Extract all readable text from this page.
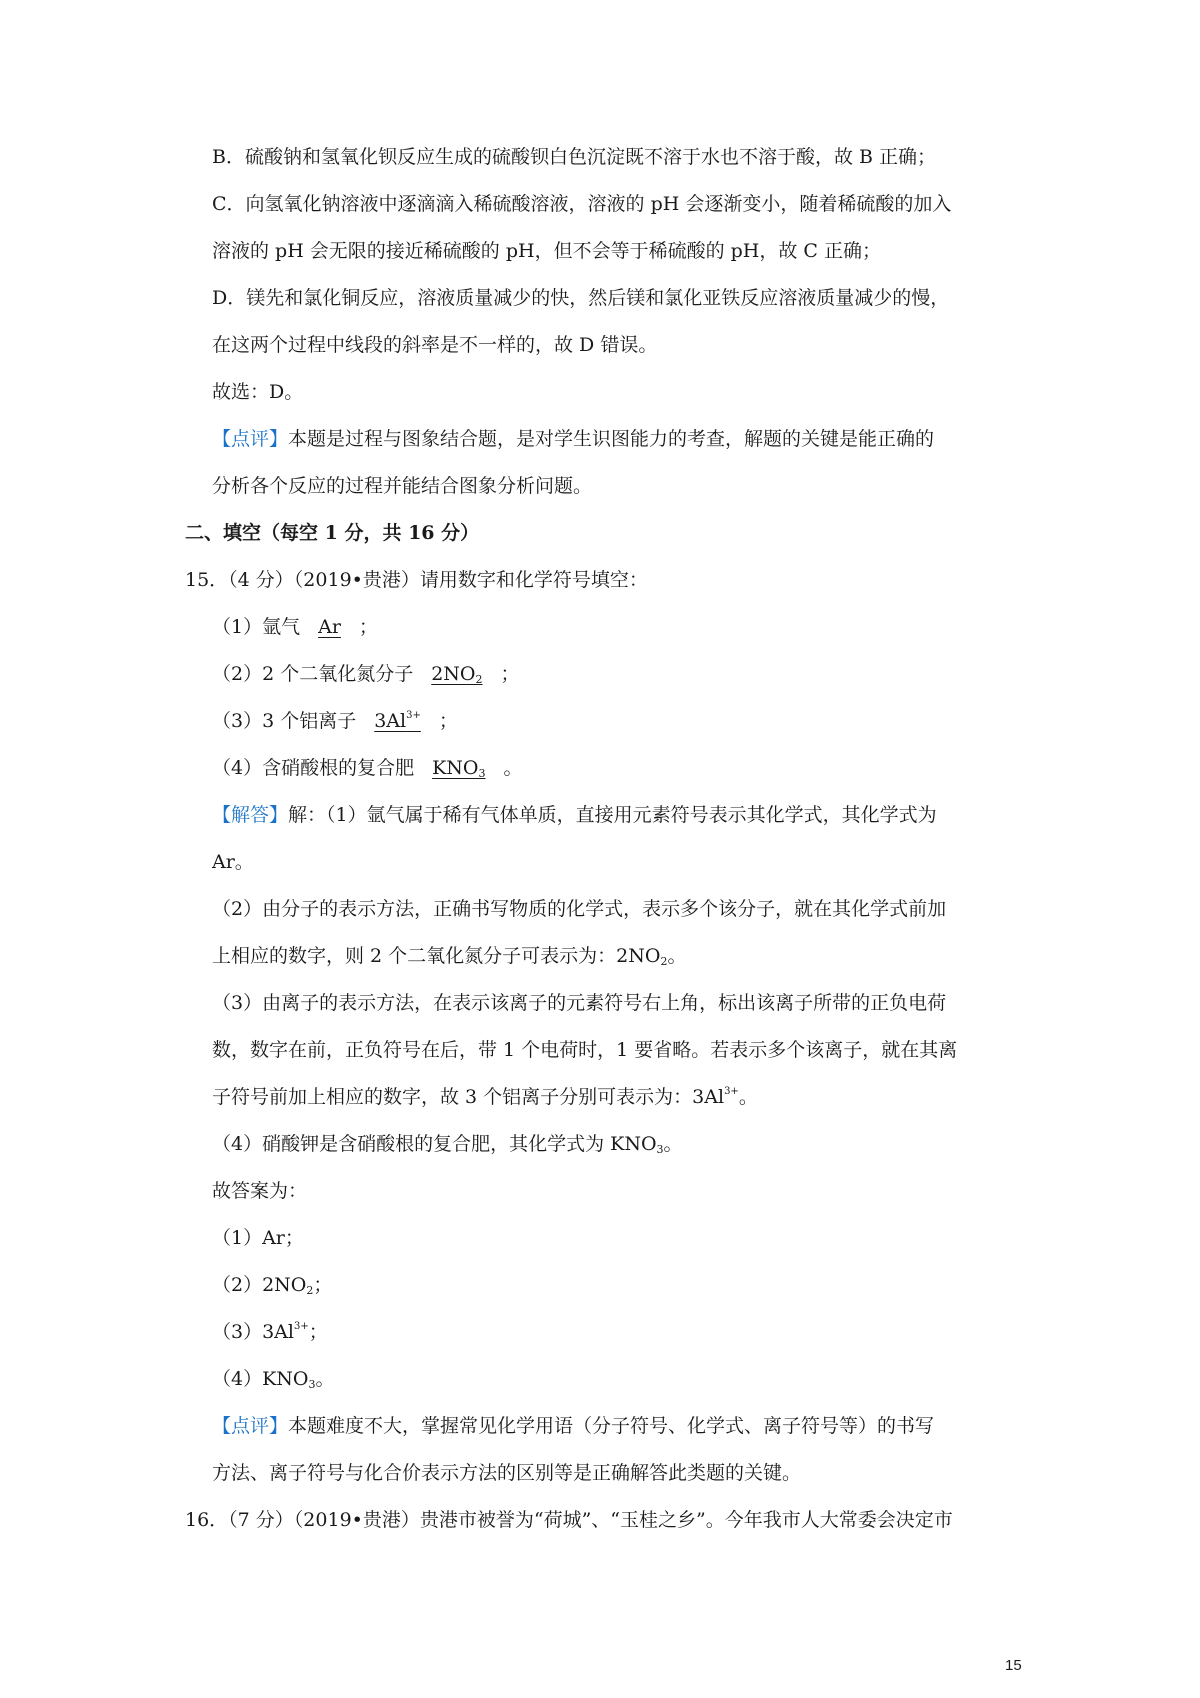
B．硫酸钠和氢氧化钡反应生成的硫酸钡白色沉淀既不溶于水也不溶于酸，故 B 正确；
C．向氢氧化钠溶液中逐滴滴入稀硫酸溶液，溶液的 pH 会逐渐变小，随着稀硫酸的加入
溶液的 pH 会无限的接近稀硫酸的 pH，但不会等于稀硫酸的 pH，故 C 正确；
D．镁先和氯化铜反应，溶液质量减少的快，然后镁和氯化亚铁反应溶液质量减少的慢，
在这两个过程中线段的斜率是不一样的，故 D 错误。
故选：D。
【点评】本题是过程与图象结合题，是对学生识图能力的考查，解题的关键是能正确的
分析各个反应的过程并能结合图象分析问题。
二、填空（每空 1 分，共 16 分）
15．（4 分）（2019•贵港）请用数字和化学符号填空：
（1）氩气 Ar ；
（2）2 个二氧化氮分子 $2NO_2$ ；
（3）3 个铝离子 $3Al^{3+}$ ；
（4）含硝酸根的复合肥 $KNO_3$ 。
【解答】解：（1）氩气属于稀有气体单质，直接用元素符号表示其化学式，其化学式为
Ar。
（2）由分子的表示方法，正确书写物质的化学式，表示多个该分子，就在其化学式前加
上相应的数字，则 2 个二氧化氮分子可表示为：$2NO_2$。
（3）由离子的表示方法，在表示该离子的元素符号右上角，标出该离子所带的正负电荷
数，数字在前，正负符号在后，带 1 个电荷时，1 要省略。若表示多个该离子，就在其离
子符号前加上相应的数字，故 3 个铝离子分别可表示为：$3Al^{3+}$。
（4）硝酸钾是含硝酸根的复合肥，其化学式为 $KNO_3$。
故答案为：
（1）Ar；
$(2)2NO_2$；
$(3)3Al^{3+}$；
$(4)KNO_3$。
【点评】本题难度不大，掌握常见化学用语（分子符号、化学式、离子符号等）的书写
方法、离子符号与化合价表示方法的区别等是正确解答此类题的关键。
16．（7 分）（2019•贵港）贵港市被誉为“荷城”、“玉桂之乡”。今年我市人大常委会决定市
15
